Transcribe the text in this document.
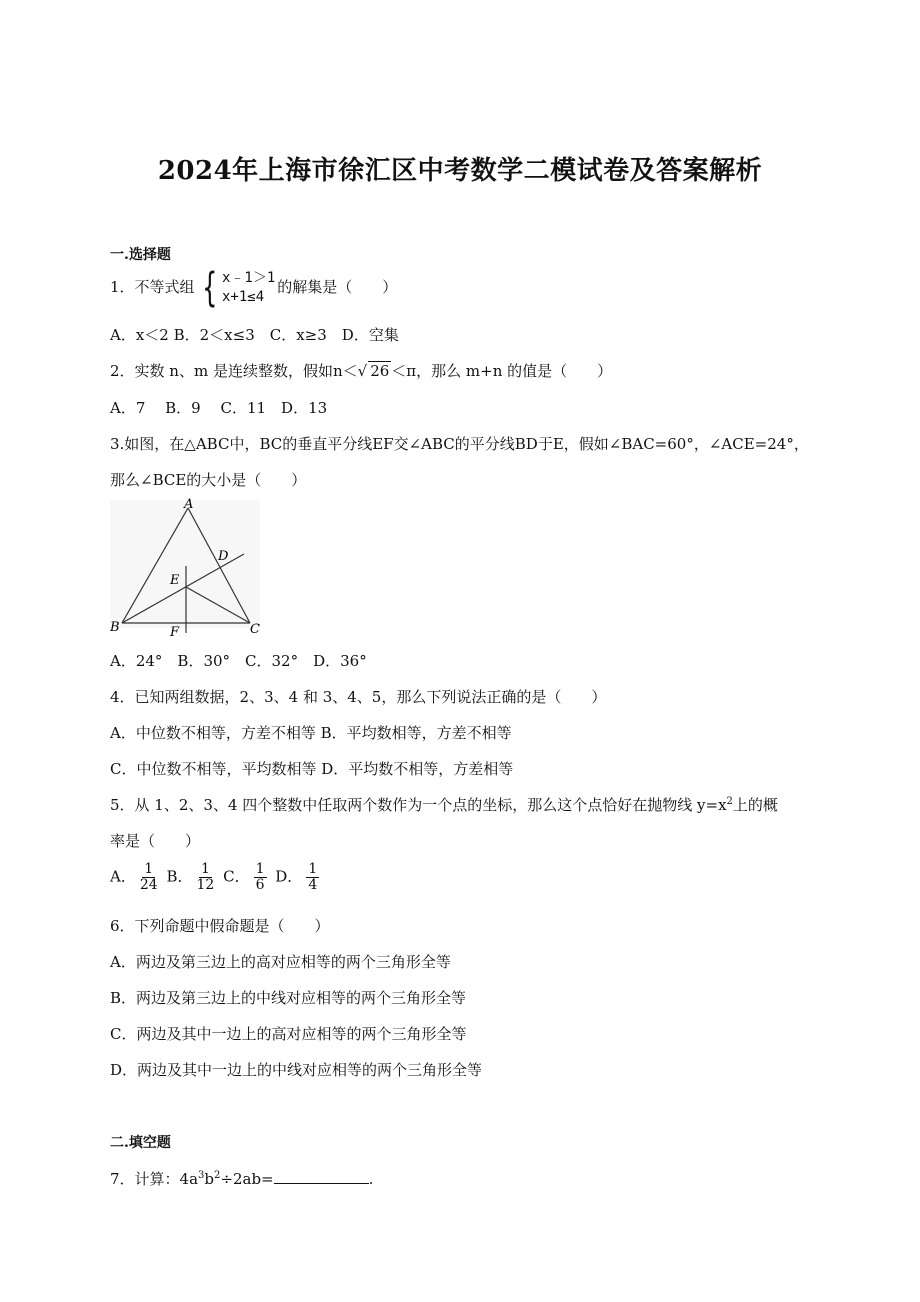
2024年上海市徐汇区中考数学二模试卷及答案解析
一.选择题
1．不等式组 { x﹣1＞1
x+1≤4
的解集是（　　）
A．x＜2 B．2＜x≤3　C．x≥3　D．空集
2．实数 n、m 是连续整数，假如n＜√ 26 ＜π，那么 m+n 的值是（　　）
A．7　 B．9　 C．11　D．13
3.如图，在△ABC中，BC的垂直平分线EF交∠ABC的平分线BD于E，假如∠BAC=60°，∠ACE=24°，
那么∠BCE的大小是（　　）
A
B	C
D
E
F
A．24°　B．30°　C．32°　D．36°
4．已知两组数据，2、3、4 和 3、4、5，那么下列说法正确的是（　　）
A．中位数不相等，方差不相等 B．平均数相等，方差不相等
C．中位数不相等，平均数相等 D．平均数不相等，方差相等
5．从 1、2、3、4 四个整数中任取两个数作为一个点的坐标，那么这个点恰好在抛物线 $y=x^2$上的概
率是（　　）
A． $\frac{1}{24}$ B． $\frac{1}{12}$ C． $\frac{1}{6}$ D． $\frac{1}{4}$
6．下列命题中假命题是（　　）
A．两边及第三边上的高对应相等的两个三角形全等
B．两边及第三边上的中线对应相等的两个三角形全等
C．两边及其中一边上的高对应相等的两个三角形全等
D．两边及其中一边上的中线对应相等的两个三角形全等
二.填空题
7．计算：$4a^3b^2\div 2ab=$	.
